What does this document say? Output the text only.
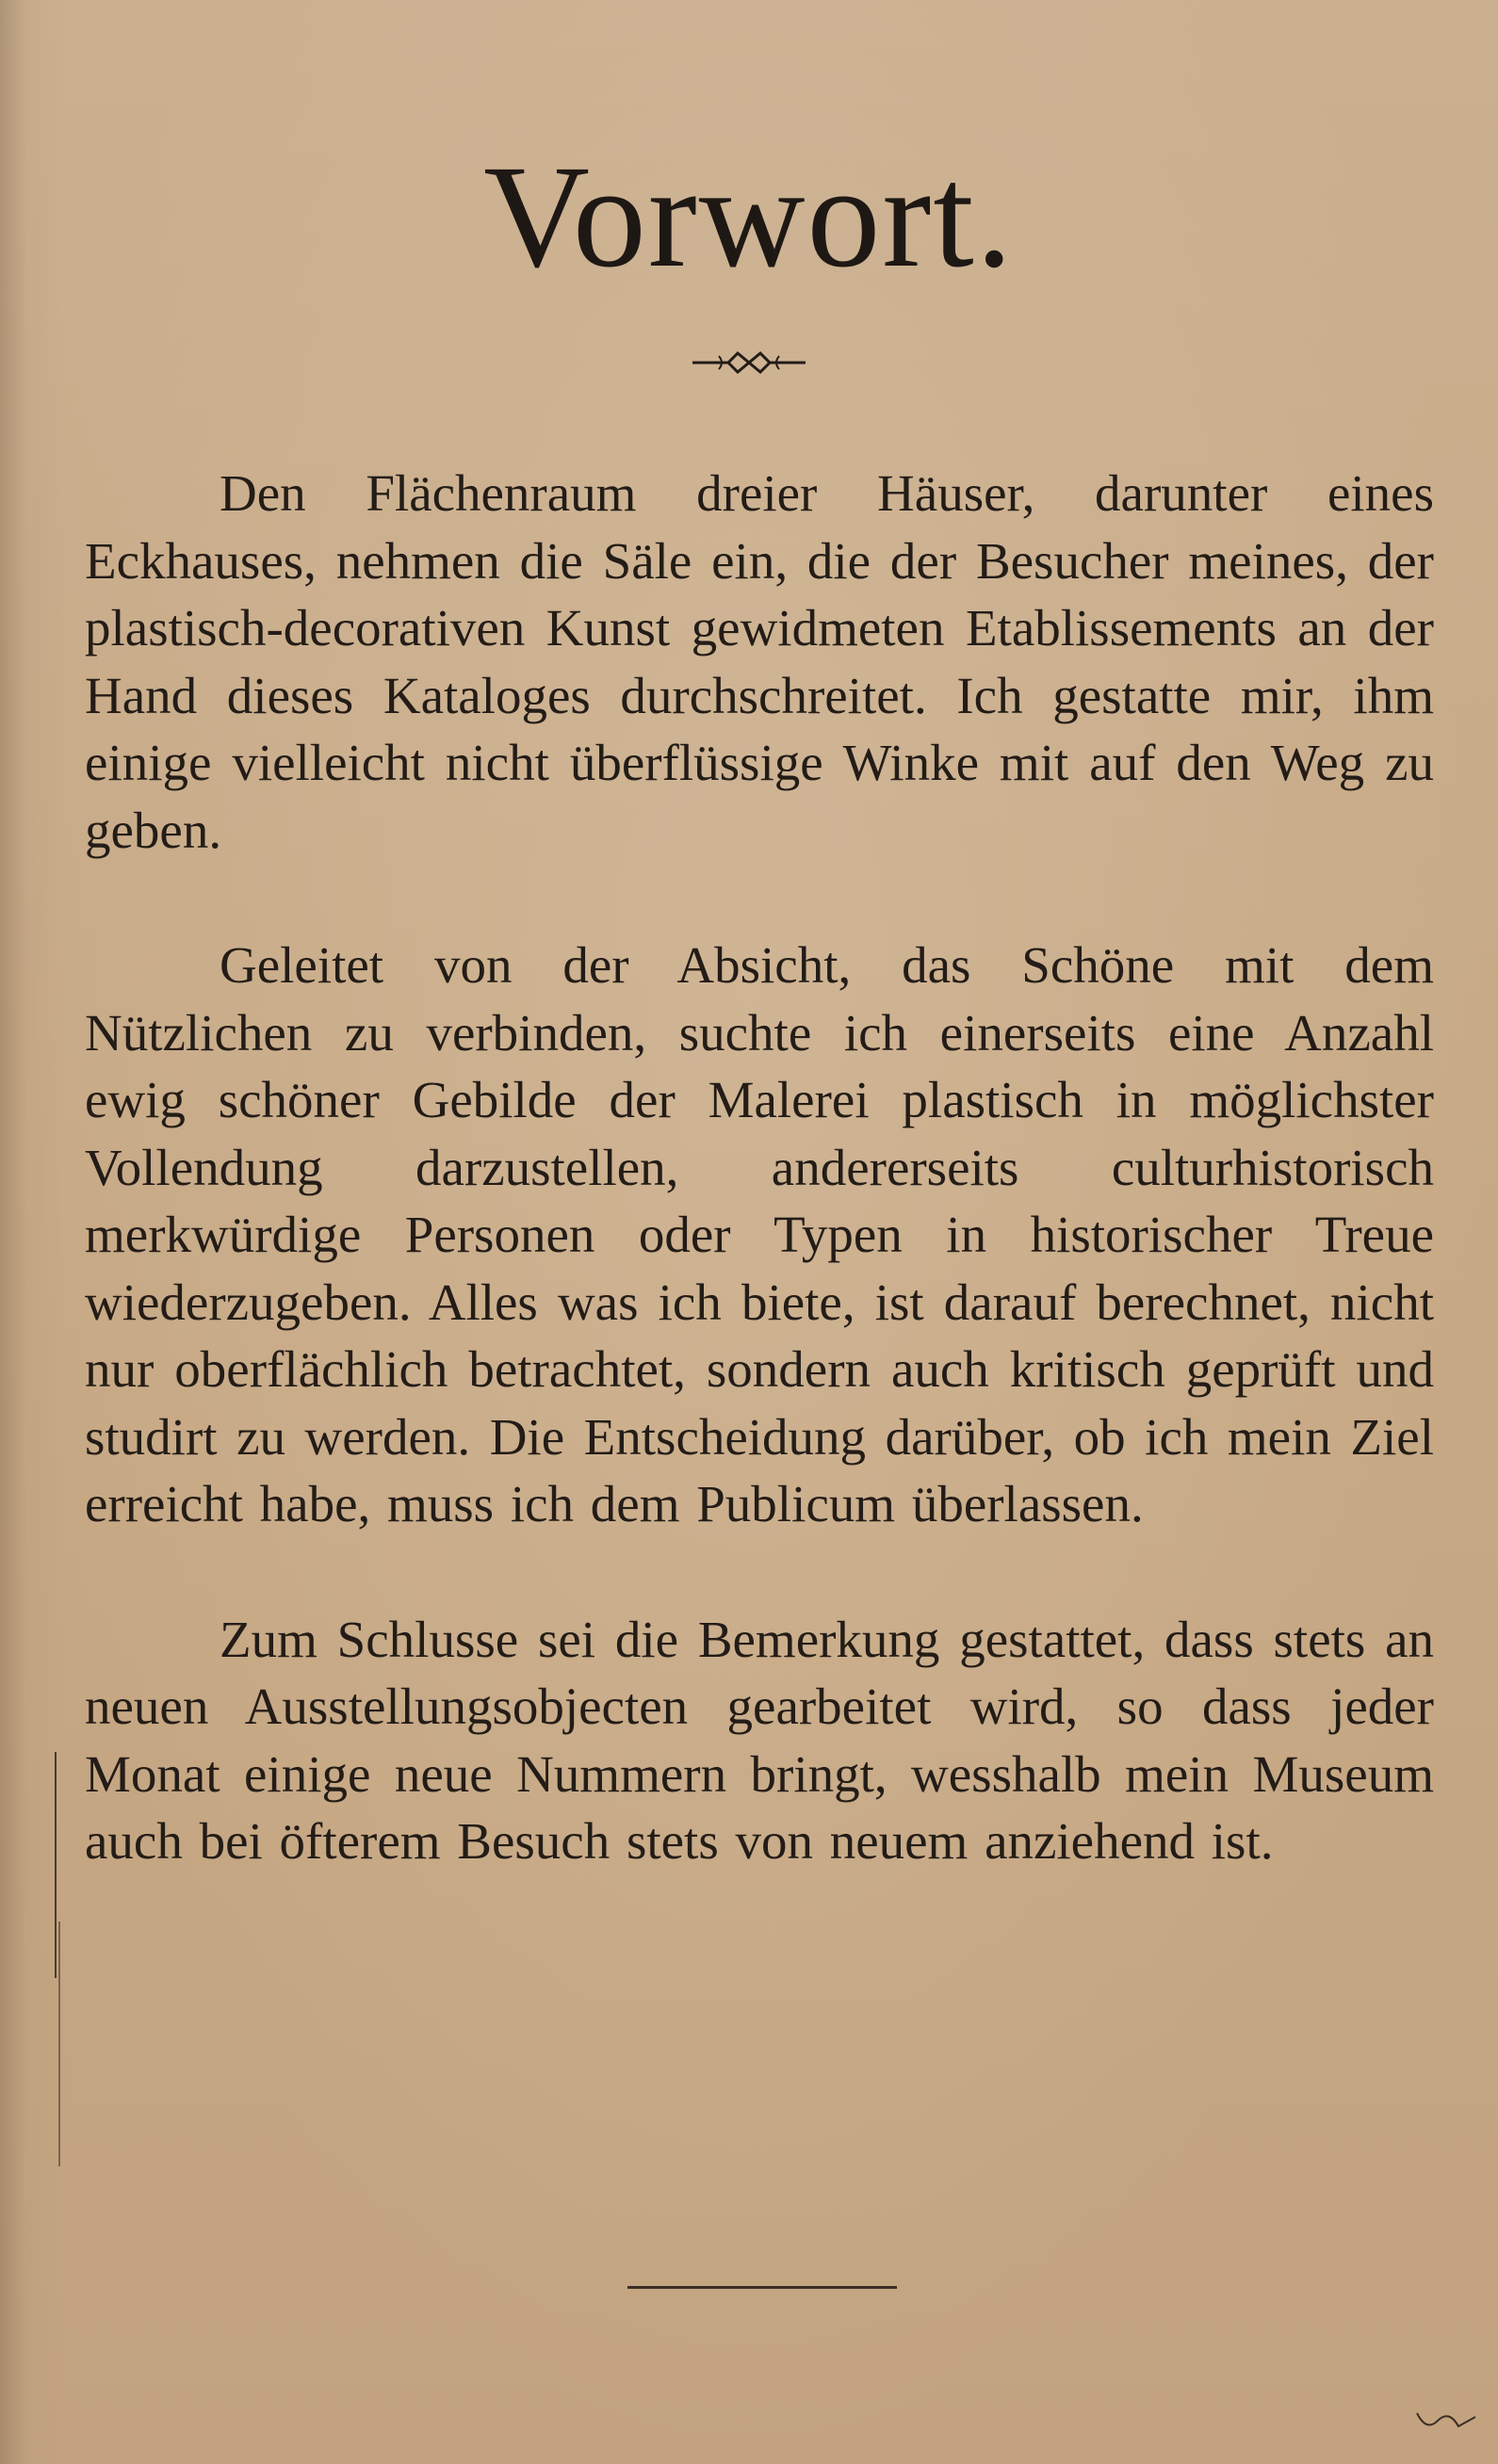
Vorwort.

Den Flächenraum dreier Häuser, darunter eines Eckhauses, nehmen die Säle ein, die der Besucher meines, der plastisch-decorativen Kunst gewidmeten Etablissements an der Hand dieses Kataloges durchschreitet. Ich gestatte mir, ihm einige vielleicht nicht überflüssige Winke mit auf den Weg zu geben.

Geleitet von der Absicht, das Schöne mit dem Nützlichen zu verbinden, suchte ich einerseits eine Anzahl ewig schöner Gebilde der Malerei plastisch in möglichster Vollendung darzustellen, andererseits culturhistorisch merkwürdige Personen oder Typen in historischer Treue wiederzugeben. Alles was ich biete, ist darauf berechnet, nicht nur oberflächlich betrachtet, sondern auch kritisch geprüft und studirt zu werden. Die Entscheidung darüber, ob ich mein Ziel erreicht habe, muss ich dem Publicum überlassen.

Zum Schlusse sei die Bemerkung gestattet, dass stets an neuen Ausstellungsobjecten gearbeitet wird, so dass jeder Monat einige neue Nummern bringt, wesshalb mein Museum auch bei öfterem Besuch stets von neuem anziehend ist.
